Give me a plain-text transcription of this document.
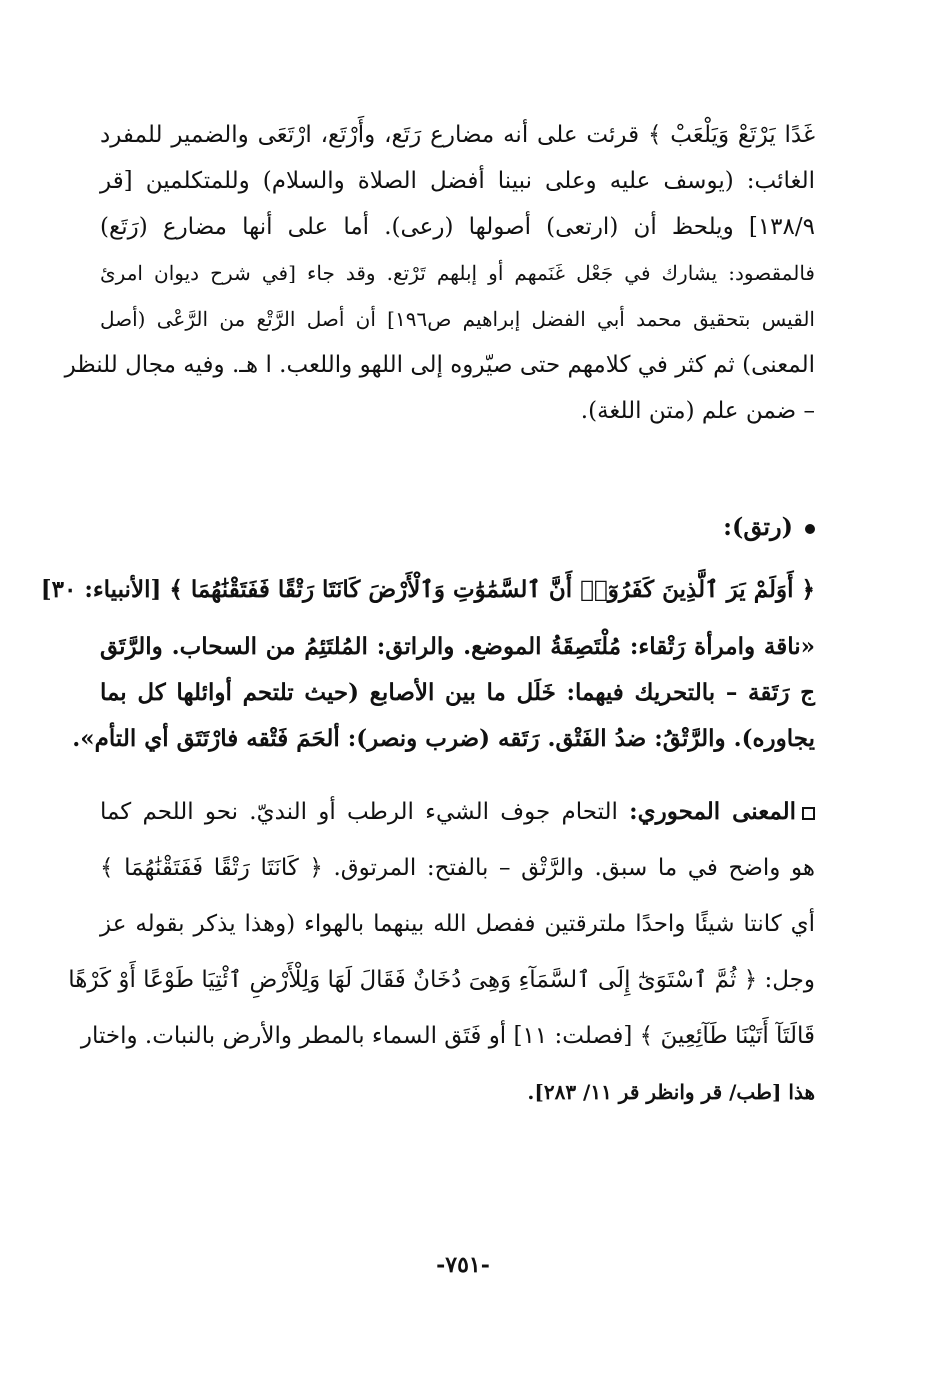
غَدًا يَرْتَعْ وَيَلْعَبْ ﴾ قرئت على أنه مضارع رَتَع، وأَرْتَع، ارْتَعَى والضمير للمفرد
الغائب: (يوسف عليه وعلى نبينا أفضل الصلاة والسلام) وللمتكلمين [قر
١٣٨/٩] ويلحظ أن (ارتعى) أصولها (رعى). أما على أنها مضارع (رَتَع)
فالمقصود: يشارك في جَعْل غَنَمهم أو إبلهم تَرْتع. وقد جاء [في شرح ديوان امرئ
القيس بتحقيق محمد أبي الفضل إبراهيم ص١٩٦] أن أصل الرَّتْع من الرَّعْى (أصل
المعنى) ثم كثر في كلامهم حتى صيّروه إلى اللهو واللعب. ا هـ. وفيه مجال للنظر
– ضمن علم (متن اللغة).
(رتق):
﴿ أَوَلَمْ يَرَ ٱلَّذِينَ كَفَرُوٓا۟ أَنَّ ٱلسَّمَٰوَٰتِ وَٱلْأَرْضَ كَانَتَا رَتْقًا فَفَتَقْنَٰهُمَا ﴾ [الأنبياء: ٣٠]
«ناقة وامرأة رَتْقاء: مُلْتَصِقَةُ الموضع. والراتق: المُلتَئِمُ من السحاب. والرَّتَق
ج رَتَقة – بالتحريك فيهما: خَلَل ما بين الأصابع (حيث تلتحم أوائلها كل بما
يجاوره). والرَّتْقُ: ضدُ الفَتْق. رَتَقه (ضرب ونصر): ألحَمَ فَتْقه فارْتَتَق أي التأم».
المعنى المحوري: التحام جوف الشيء الرطب أو النديّ. نحو اللحم كما
هو واضح في ما سبق. والرَّتْق – بالفتح: المرتوق. ﴿ كَانَتَا رَتْقًا فَفَتَقْنَٰهُمَا ﴾
أي كانتا شيئًا واحدًا ملترقتين ففصل الله بينهما بالهواء (وهذا يذكر بقوله عز
وجل: ﴿ ثُمَّ ٱسْتَوَىٰٓ إِلَى ٱلسَّمَآءِ وَهِىَ دُخَانٌ فَقَالَ لَهَا وَلِلْأَرْضِ ٱئْتِيَا طَوْعًا أَوْ كَرْهًا
قَالَتَآ أَتَيْنَا طَآئِعِينَ ﴾ [فصلت: ١١] أو فَتَق السماء بالمطر والأرض بالنبات. واختار
هذا [طب/ قر وانظر قر ١١/ ٢٨٣].
-٧٥١-
